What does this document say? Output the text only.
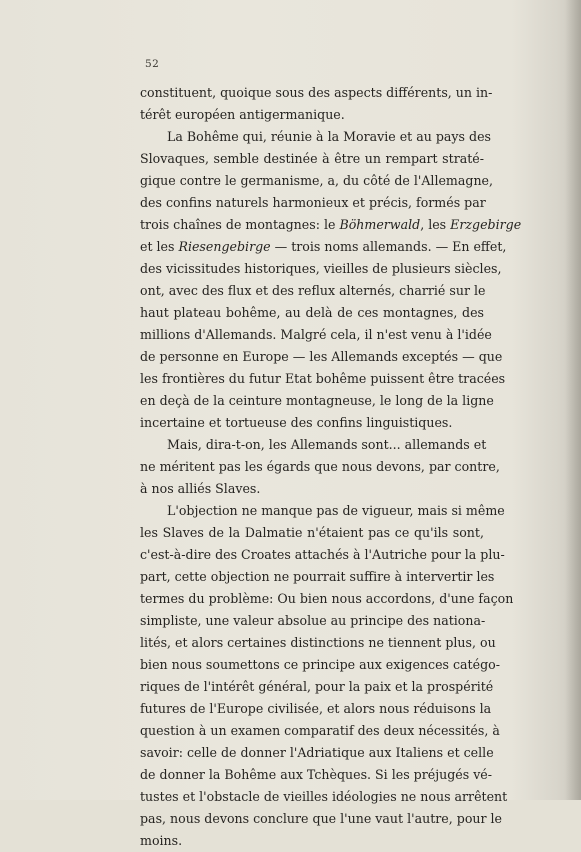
52
constituent, quoique sous des aspects différents, un in-
térêt européen antigermanique.
La Bohême qui, réunie à la Moravie et au pays des
Slovaques, semble destinée à être un rempart straté-
gique contre le germanisme, a, du côté de l'Allemagne,
des confins naturels harmonieux et précis, formés par
trois chaînes de montagnes: le Böhmerwald, les Erzgebirge
et les Riesengebirge — trois noms allemands. — En effet,
des vicissitudes historiques, vieilles de plusieurs siècles,
ont, avec des flux et des reflux alternés, charrié sur le
haut plateau bohême, au delà de ces montagnes, des
millions d'Allemands. Malgré cela, il n'est venu à l'idée
de personne en Europe — les Allemands exceptés — que
les frontières du futur Etat bohême puissent être tracées
en deçà de la ceinture montagneuse, le long de la ligne
incertaine et tortueuse des confins linguistiques.
Mais, dira-t-on, les Allemands sont... allemands et
ne méritent pas les égards que nous devons, par contre,
à nos alliés Slaves.
L'objection ne manque pas de vigueur, mais si même
les Slaves de la Dalmatie n'étaient pas ce qu'ils sont,
c'est-à-dire des Croates attachés à l'Autriche pour la plu-
part, cette objection ne pourrait suffire à intervertir les
termes du problème: Ou bien nous accordons, d'une façon
simpliste, une valeur absolue au principe des nationa-
lités, et alors certaines distinctions ne tiennent plus, ou
bien nous soumettons ce principe aux exigences catégo-
riques de l'intérêt général, pour la paix et la prospérité
futures de l'Europe civilisée, et alors nous réduisons la
question à un examen comparatif des deux nécessités, à
savoir: celle de donner l'Adriatique aux Italiens et celle
de donner la Bohême aux Tchèques. Si les préjugés vé-
tustes et l'obstacle de vieilles idéologies ne nous arrêtent
pas, nous devons conclure que l'une vaut l'autre, pour le
moins.
